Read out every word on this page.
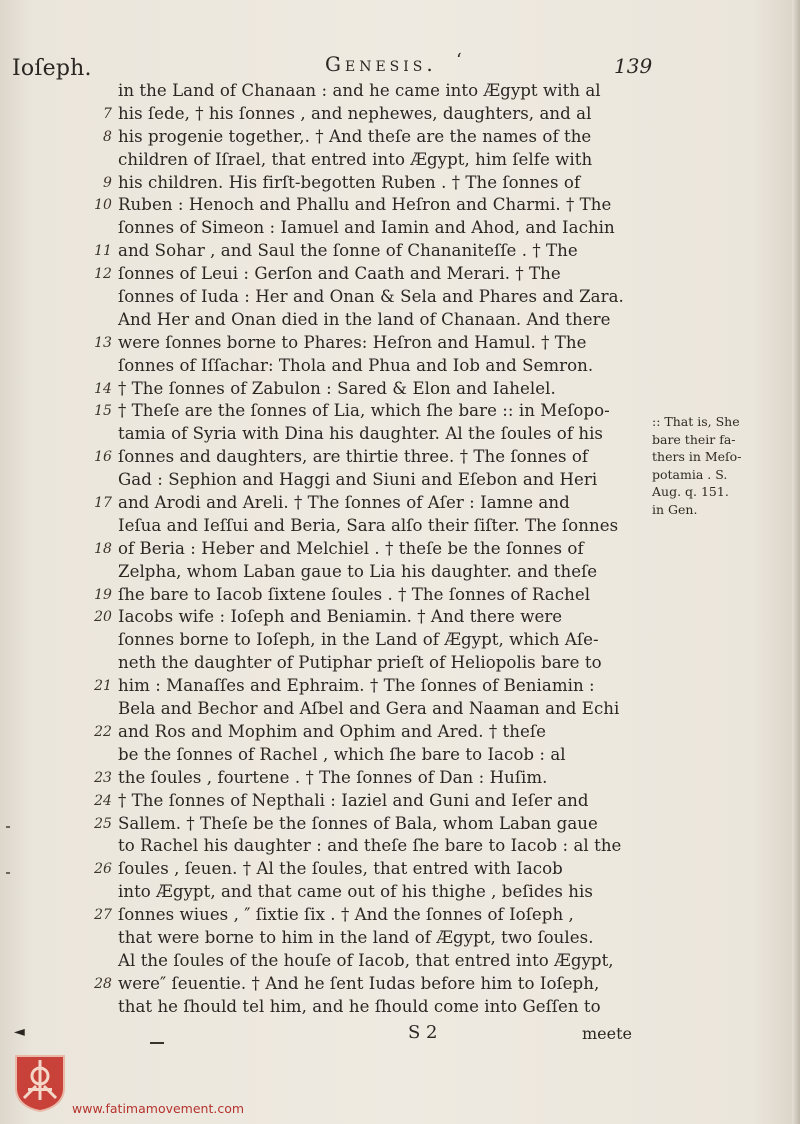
Ioſeph.	Genesis. ‘	139
in the Land of Chanaan : and he came into Ægypt with al
7 his ſede, † his ſonnes , and nephewes, daughters, and al
8 his progenie together,. † And theſe are the names of the
children of Iſrael, that entred into Ægypt, him ſelfe with
9 his children. His firſt-begotten Ruben . † The ſonnes of
10 Ruben : Henoch and Phallu and Heſron and Charmi. † The
ſonnes of Simeon : Iamuel and Iamin and Ahod, and Iachin
11 and Sohar , and Saul the ſonne of Chananiteſſe . † The
12 ſonnes of Leui : Gerſon and Caath and Merari. † The
ſonnes of Iuda : Her and Onan & Sela and Phares and Zara.
And Her and Onan died in the land of Chanaan. And there
13 were ſonnes borne to Phares: Heſron and Hamul. † The
ſonnes of Iſſachar: Thola and Phua and Iob and Semron.
14 † The ſonnes of Zabulon : Sared & Elon and Iahelel.
15 † Theſe are the ſonnes of Lia, which ſhe bare :: in Meſopo-
tamia of Syria with Dina his daughter. Al the ſoules of his
16 ſonnes and daughters, are thirtie three. † The ſonnes of
Gad : Sephion and Haggi and Siuni and Eſebon and Heri
17 and Arodi and Areli. † The ſonnes of Aſer : Iamne and
Ieſua and Ieſſui and Beria, Sara alſo their ſiſter. The ſonnes
18 of Beria : Heber and Melchiel . † theſe be the ſonnes of
Zelpha, whom Laban gaue to Lia his daughter. and theſe
19 ſhe bare to Iacob ſixtene ſoules . † The ſonnes of Rachel
20 Iacobs wife : Ioſeph and Beniamin. † And there were
ſonnes borne to Ioſeph, in the Land of Ægypt, which Aſe-
neth the daughter of Putiphar prieſt of Heliopolis bare to
21 him : Manaſſes and Ephraim. † The ſonnes of Beniamin :
Bela and Bechor and Aſbel and Gera and Naaman and Echi
22 and Ros and Mophim and Ophim and Ared. † theſe
be the ſonnes of Rachel , which ſhe bare to Iacob : al
23 the ſoules , fourtene . † The ſonnes of Dan : Huſim.
24 † The ſonnes of Nepthali : Iaziel and Guni and Ieſer and
25 Sallem. † Theſe be the ſonnes of Bala, whom Laban gaue
to Rachel his daughter : and theſe ſhe bare to Iacob : al the
26 ſoules , ſeuen. † Al the ſoules, that entred with Iacob
into Ægypt, and that came out of his thighe , beſides his
27 ſonnes wiues , ″ ſixtie ſix . † And the ſonnes of Ioſeph ,
that were borne to him in the land of Ægypt, two ſoules.
Al the ſoules of the houſe of Iacob, that entred into Ægypt,
28 were″ ſeuentie. † And he ſent Iudas before him to Ioſeph,
that he ſhould tel him, and he ſhould come into Geſſen to
:: That is, She
bare their fa-
thers in Meſo-
potamia . S.
Aug. q. 151.
in Gen.
S 2	meete
◄
www.fatimamovement.com
